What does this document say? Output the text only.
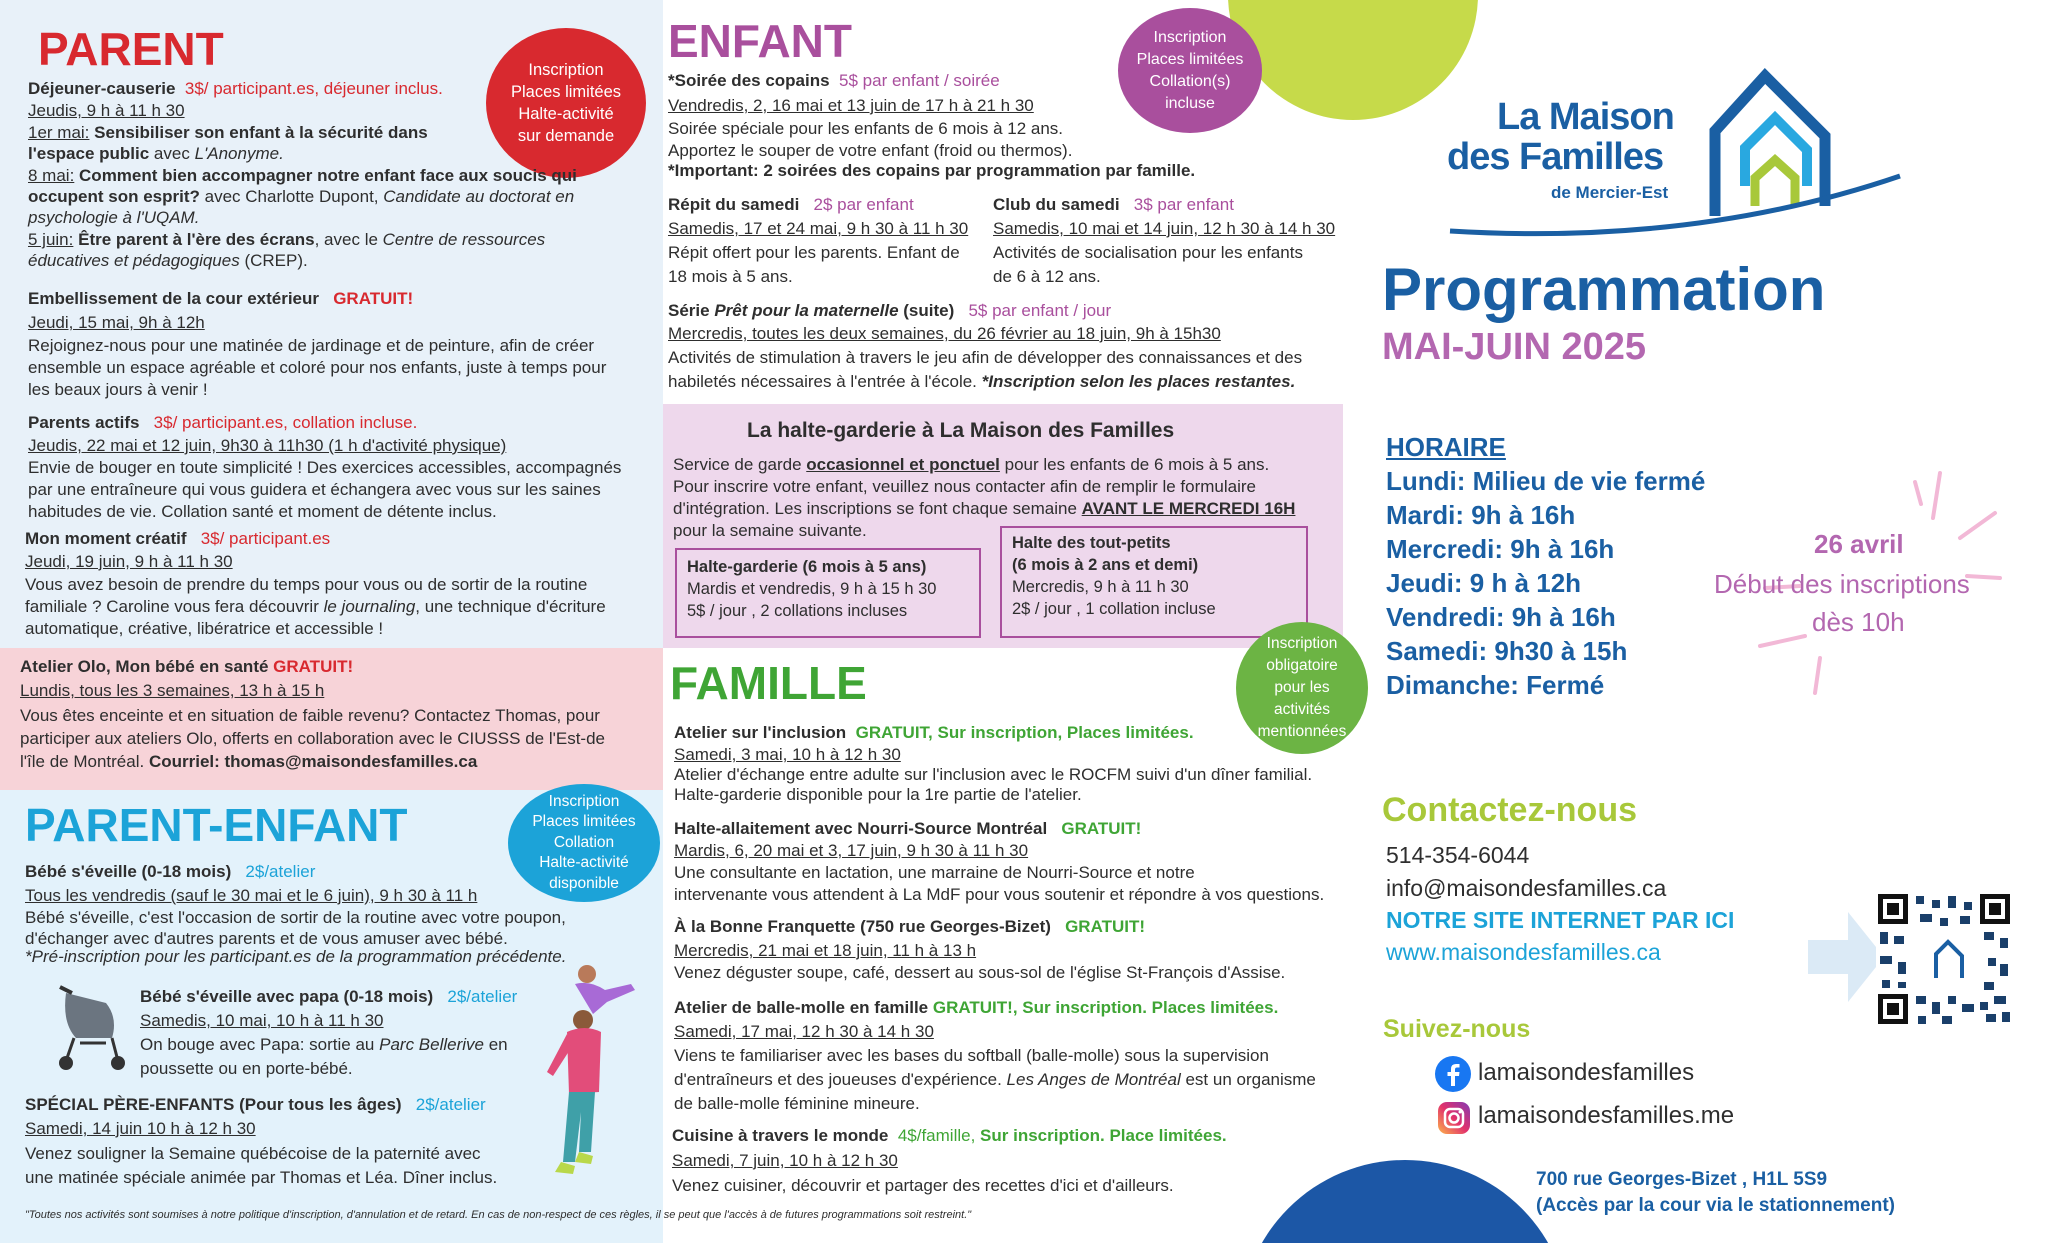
PARENT	Inscription
Places limitées
Halte-activité
sur demande
Déjeuner-causerie 3$/ participant.es, déjeuner inclus.
Jeudis, 9 h à 11 h 30
1er mai: Sensibiliser son enfant à la sécurité dans
l'espace public avec L'Anonyme.
8 mai: Comment bien accompagner notre enfant face aux soucis qui
occupent son esprit? avec Charlotte Dupont, Candidate au doctorat en
psychologie à l'UQAM.
5 juin: Être parent à l'ère des écrans, avec le Centre de ressources
éducatives et pédagogiques (CREP).
Embellissement de la cour extérieur GRATUIT!
Jeudi, 15 mai, 9h à 12h
Rejoignez-nous pour une matinée de jardinage et de peinture, afin de créer
ensemble un espace agréable et coloré pour nos enfants, juste à temps pour
les beaux jours à venir !
Parents actifs 3$/ participant.es, collation incluse.
Jeudis, 22 mai et 12 juin, 9h30 à 11h30 (1 h d'activité physique)
Envie de bouger en toute simplicité ! Des exercices accessibles, accompagnés
par une entraîneure qui vous guidera et échangera avec vous sur les saines
habitudes de vie. Collation santé et moment de détente inclus.
Mon moment créatif 3$/ participant.es
Jeudi, 19 juin, 9 h à 11 h 30
Vous avez besoin de prendre du temps pour vous ou de sortir de la routine
familiale ? Caroline vous fera découvrir le journaling, une technique d'écriture
automatique, créative, libératrice et accessible !
Atelier Olo, Mon bébé en santé GRATUIT!
Lundis, tous les 3 semaines, 13 h à 15 h
Vous êtes enceinte et en situation de faible revenu? Contactez Thomas, pour
participer aux ateliers Olo, offerts en collaboration avec le CIUSSS de l'Est-de
l'île de Montréal. Courriel: thomas@maisondesfamilles.ca
PARENT-ENFANT	Inscription
Places limitées
Collation
Halte-activité
disponible
Bébé s'éveille (0-18 mois) 2$/atelier
Tous les vendredis (sauf le 30 mai et le 6 juin), 9 h 30 à 11 h
Bébé s'éveille, c'est l'occasion de sortir de la routine avec votre poupon,
d'échanger avec d'autres parents et de vous amuser avec bébé.
*Pré-inscription pour les participant.es de la programmation précédente.
Bébé s'éveille avec papa (0-18 mois) 2$/atelier
Samedis, 10 mai, 10 h à 11 h 30
On bouge avec Papa: sortie au Parc Bellerive en
poussette ou en porte-bébé.
SPÉCIAL PÈRE-ENFANTS (Pour tous les âges) 2$/atelier
Samedi, 14 juin 10 h à 12 h 30
Venez souligner la Semaine québécoise de la paternité avec
une matinée spéciale animée par Thomas et Léa. Dîner inclus.
"Toutes nos activités sont soumises à notre politique d'inscription, d'annulation et de retard. En cas de non-respect de ces règles, il se peut que l'accès à de futures programmations soit restreint."
ENFANT	Inscription
Places limitées
Collation(s)
incluse
*Soirée des copains 5$ par enfant / soirée
Vendredis, 2, 16 mai et 13 juin de 17 h à 21 h 30
Soirée spéciale pour les enfants de 6 mois à 12 ans.
Apportez le souper de votre enfant (froid ou thermos).
*Important: 2 soirées des copains par programmation par famille.
Répit du samedi 2$ par enfant
Samedis, 17 et 24 mai, 9 h 30 à 11 h 30
Répit offert pour les parents. Enfant de
18 mois à 5 ans.
Club du samedi 3$ par enfant
Samedis, 10 mai et 14 juin, 12 h 30 à 14 h 30
Activités de socialisation pour les enfants
de 6 à 12 ans.
Série Prêt pour la maternelle (suite) 5$ par enfant / jour
Mercredis, toutes les deux semaines, du 26 février au 18 juin, 9h à 15h30
Activités de stimulation à travers le jeu afin de développer des connaissances et des
habiletés nécessaires à l'entrée à l'école. *Inscription selon les places restantes.
La halte-garderie à La Maison des Familles
Service de garde occasionnel et ponctuel pour les enfants de 6 mois à 5 ans.
Pour inscrire votre enfant, veuillez nous contacter afin de remplir le formulaire
d'intégration. Les inscriptions se font chaque semaine AVANT LE MERCREDI 16H
pour la semaine suivante.
Halte-garderie (6 mois à 5 ans)
Mardis et vendredis, 9 h à 15 h 30
5$ / jour , 2 collations incluses
Halte des tout-petits
(6 mois à 2 ans et demi)
Mercredis, 9 h à 11 h 30
2$ / jour , 1 collation incluse
FAMILLE
Inscription
obligatoire
pour les
activités
mentionnées
Atelier sur l'inclusion GRATUIT, Sur inscription, Places limitées.
Samedi, 3 mai, 10 h à 12 h 30
Atelier d'échange entre adulte sur l'inclusion avec le ROCFM suivi d'un dîner familial.
Halte-garderie disponible pour la 1re partie de l'atelier.
Halte-allaitement avec Nourri-Source Montréal GRATUIT!
Mardis, 6, 20 mai et 3, 17 juin, 9 h 30 à 11 h 30
Une consultante en lactation, une marraine de Nourri-Source et notre
intervenante vous attendent à La MdF pour vous soutenir et répondre à vos questions.
À la Bonne Franquette (750 rue Georges-Bizet) GRATUIT!
Mercredis, 21 mai et 18 juin, 11 h à 13 h
Venez déguster soupe, café, dessert au sous-sol de l'église St-François d'Assise.
Atelier de balle-molle en famille GRATUIT!, Sur inscription. Places limitées.
Samedi, 17 mai, 12 h 30 à 14 h 30
Viens te familiariser avec les bases du softball (balle-molle) sous la supervision
d'entraîneurs et des joueuses d'expérience. Les Anges de Montréal est un organisme
de balle-molle féminine mineure.
Cuisine à travers le monde 4$/famille, Sur inscription. Place limitées.
Samedi, 7 juin, 10 h à 12 h 30
Venez cuisiner, découvrir et partager des recettes d'ici et d'ailleurs.
La Maison
des Familles
de Mercier-Est
Programmation
MAI-JUIN 2025
HORAIRE
Lundi: Milieu de vie fermé
Mardi: 9h à 16h
Mercredi: 9h à 16h
Jeudi: 9 h à 12h
Vendredi: 9h à 16h
Samedi: 9h30 à 15h
Dimanche: Fermé
26 avril
Début des inscriptions
dès 10h
Contactez-nous
514-354-6044
info@maisondesfamilles.ca
NOTRE SITE INTERNET PAR ICI
www.maisondesfamilles.ca
Suivez-nous
lamaisondesfamilles
lamaisondesfamilles.me
700 rue Georges-Bizet , H1L 5S9
(Accès par la cour via le stationnement)
